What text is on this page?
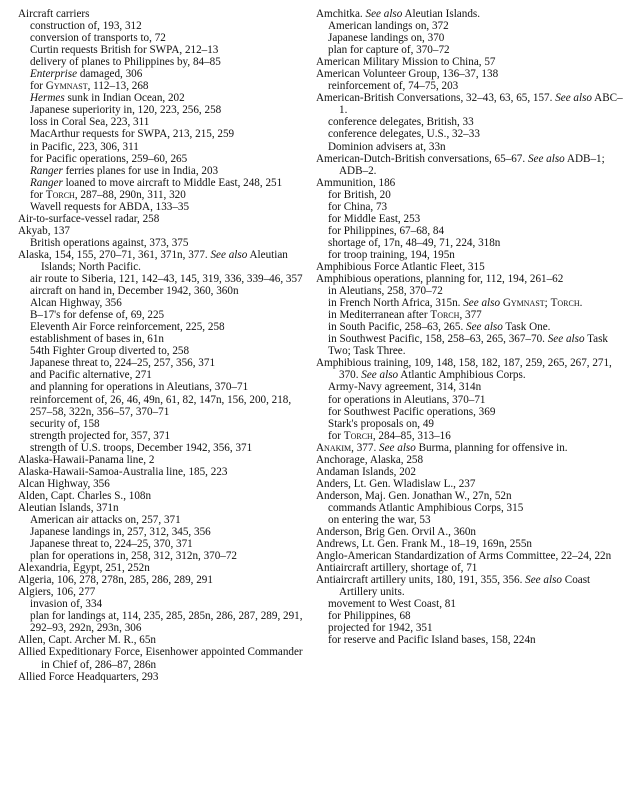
Aircraft carriers
construction of, 193, 312
conversion of transports to, 72
Curtin requests British for SWPA, 212–13
delivery of planes to Philippines by, 84–85
Enterprise damaged, 306
for Gymnast, 112–13, 268
Hermes sunk in Indian Ocean, 202
Japanese superiority in, 120, 223, 256, 258
loss in Coral Sea, 223, 311
MacArthur requests for SWPA, 213, 215, 259
in Pacific, 223, 306, 311
for Pacific operations, 259–60, 265
Ranger ferries planes for use in India, 203
Ranger loaned to move aircraft to Middle East, 248, 251
for Torch, 287–88, 290n, 311, 320
Wavell requests for ABDA, 133–35
Air-to-surface-vessel radar, 258
Akyab, 137
British operations against, 373, 375
Alaska, 154, 155, 270–71, 361, 371n, 377. See also Aleutian Islands; North Pacific.
air route to Siberia, 121, 142–43, 145, 319, 336, 339–46, 357
aircraft on hand in, December 1942, 360, 360n
Alcan Highway, 356
B–17's for defense of, 69, 225
Eleventh Air Force reinforcement, 225, 258
establishment of bases in, 61n
54th Fighter Group diverted to, 258
Japanese threat to, 224–25, 257, 356, 371
and Pacific alternative, 271
and planning for operations in Aleutians, 370–71
reinforcement of, 26, 46, 49n, 61, 82, 147n, 156, 200, 218, 257–58, 322n, 356–57, 370–71
security of, 158
strength projected for, 357, 371
strength of U.S. troops, December 1942, 356, 371
Alaska-Hawaii-Panama line, 2
Alaska-Hawaii-Samoa-Australia line, 185, 223
Alcan Highway, 356
Alden, Capt. Charles S., 108n
Aleutian Islands, 371n
American air attacks on, 257, 371
Japanese landings in, 257, 312, 345, 356
Japanese threat to, 224–25, 370, 371
plan for operations in, 258, 312, 312n, 370–72
Alexandria, Egypt, 251, 252n
Algeria, 106, 278, 278n, 285, 286, 289, 291
Algiers, 106, 277
invasion of, 334
plan for landings at, 114, 235, 285, 285n, 286, 287, 289, 291, 292–93, 292n, 293n, 306
Allen, Capt. Archer M. R., 65n
Allied Expeditionary Force, Eisenhower appointed Commander in Chief of, 286–87, 286n
Allied Force Headquarters, 293
Amchitka. See also Aleutian Islands.
American landings on, 372
Japanese landings on, 370
plan for capture of, 370–72
American Military Mission to China, 57
American Volunteer Group, 136–37, 138
reinforcement of, 74–75, 203
American-British Conversations, 32–43, 63, 65, 157. See also ABC–1.
conference delegates, British, 33
conference delegates, U.S., 32–33
Dominion advisers at, 33n
American-Dutch-British conversations, 65–67. See also ADB–1; ADB–2.
Ammunition, 186
for British, 20
for China, 73
for Middle East, 253
for Philippines, 67–68, 84
shortage of, 17n, 48–49, 71, 224, 318n
for troop training, 194, 195n
Amphibious Force Atlantic Fleet, 315
Amphibious operations, planning for, 112, 194, 261–62
in Aleutians, 258, 370–72
in French North Africa, 315n. See also Gymnast; Torch.
in Mediterranean after Torch, 377
in South Pacific, 258–63, 265. See also Task One.
in Southwest Pacific, 158, 258–63, 265, 367–70. See also Task Two; Task Three.
Amphibious training, 109, 148, 158, 182, 187, 259, 265, 267, 271, 370. See also Atlantic Amphibious Corps.
Army-Navy agreement, 314, 314n
for operations in Aleutians, 370–71
for Southwest Pacific operations, 369
Stark's proposals on, 49
for Torch, 284–85, 313–16
Anakim, 377. See also Burma, planning for offensive in.
Anchorage, Alaska, 258
Andaman Islands, 202
Anders, Lt. Gen. Wladislaw L., 237
Anderson, Maj. Gen. Jonathan W., 27n, 52n
commands Atlantic Amphibious Corps, 315
on entering the war, 53
Anderson, Brig Gen. Orvil A., 360n
Andrews, Lt. Gen. Frank M., 18–19, 169n, 255n
Anglo-American Standardization of Arms Committee, 22–24, 22n
Antiaircraft artillery, shortage of, 71
Antiaircraft artillery units, 180, 191, 355, 356. See also Coast Artillery units.
movement to West Coast, 81
for Philippines, 68
projected for 1942, 351
for reserve and Pacific Island bases, 158, 224n
